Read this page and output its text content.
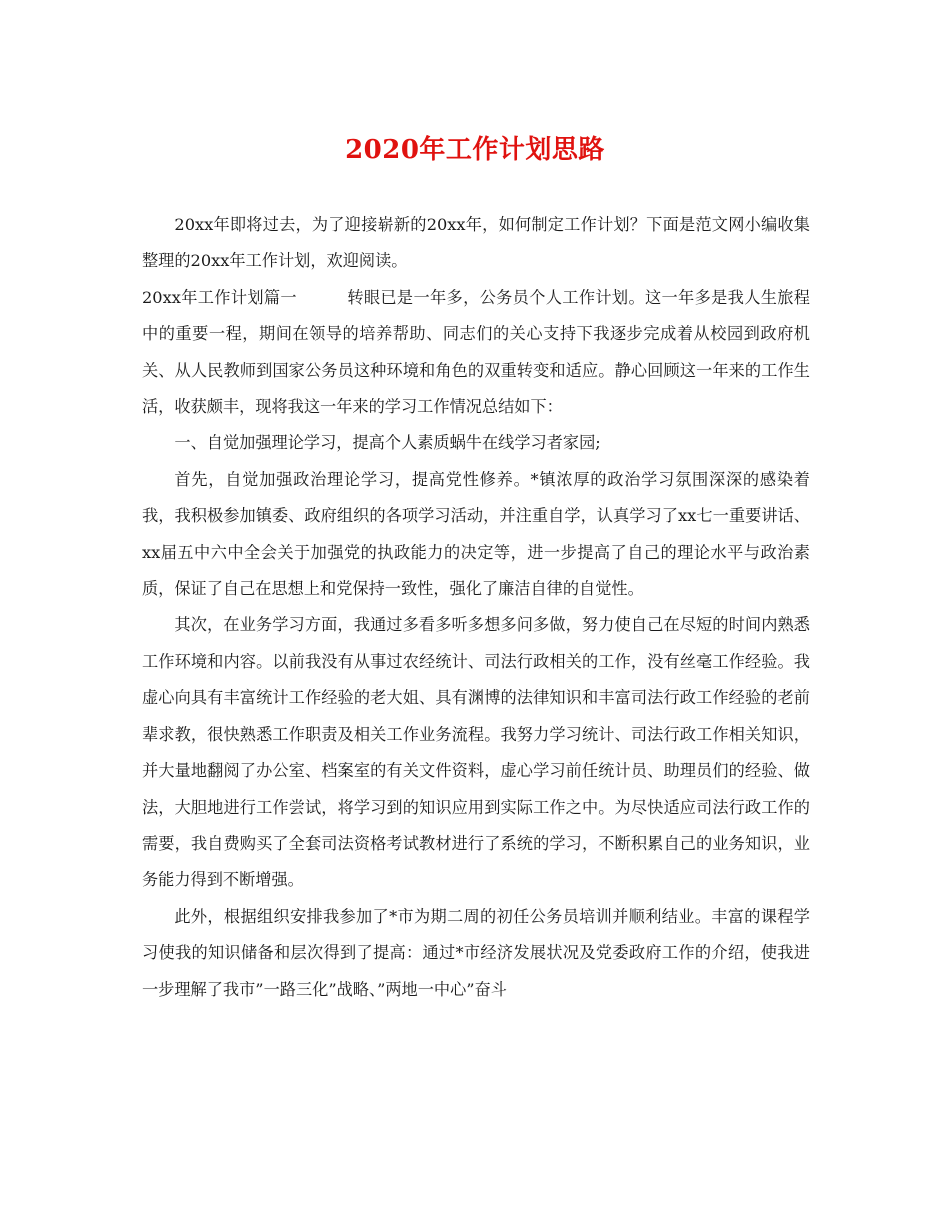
2020年工作计划思路

20xx年即将过去，为了迎接崭新的20xx年，如何制定工作计划？下面是范文网小编收集整理的20xx年工作计划，欢迎阅读。

20xx年工作计划篇一	转眼已是一年多，公务员个人工作计划。这一年多是我人生旅程中的重要一程，期间在领导的培养帮助、同志们的关心支持下我逐步完成着从校园到政府机关、从人民教师到国家公务员这种环境和角色的双重转变和适应。静心回顾这一年来的工作生活，收获颇丰，现将我这一年来的学习工作情况总结如下：

一、自觉加强理论学习，提高个人素质蜗牛在线学习者家园;

首先，自觉加强政治理论学习，提高党性修养。*镇浓厚的政治学习氛围深深的感染着我，我积极参加镇委、政府组织的各项学习活动，并注重自学，认真学习了xx七一重要讲话、xx届五中六中全会关于加强党的执政能力的决定等，进一步提高了自己的理论水平与政治素质，保证了自己在思想上和党保持一致性，强化了廉洁自律的自觉性。

其次，在业务学习方面，我通过多看多听多想多问多做，努力使自己在尽短的时间内熟悉工作环境和内容。以前我没有从事过农经统计、司法行政相关的工作，没有丝毫工作经验。我虚心向具有丰富统计工作经验的老大姐、具有渊博的法律知识和丰富司法行政工作经验的老前辈求教，很快熟悉工作职责及相关工作业务流程。我努力学习统计、司法行政工作相关知识，并大量地翻阅了办公室、档案室的有关文件资料，虚心学习前任统计员、助理员们的经验、做法，大胆地进行工作尝试，将学习到的知识应用到实际工作之中。为尽快适应司法行政工作的需要，我自费购买了全套司法资格考试教材进行了系统的学习，不断积累自己的业务知识，业务能力得到不断增强。

此外，根据组织安排我参加了*市为期二周的初任公务员培训并顺利结业。丰富的课程学习使我的知识储备和层次得到了提高：通过*市经济发展状况及党委政府工作的介绍，使我进一步理解了我市”一路三化”战略、”两地一中心”奋斗
